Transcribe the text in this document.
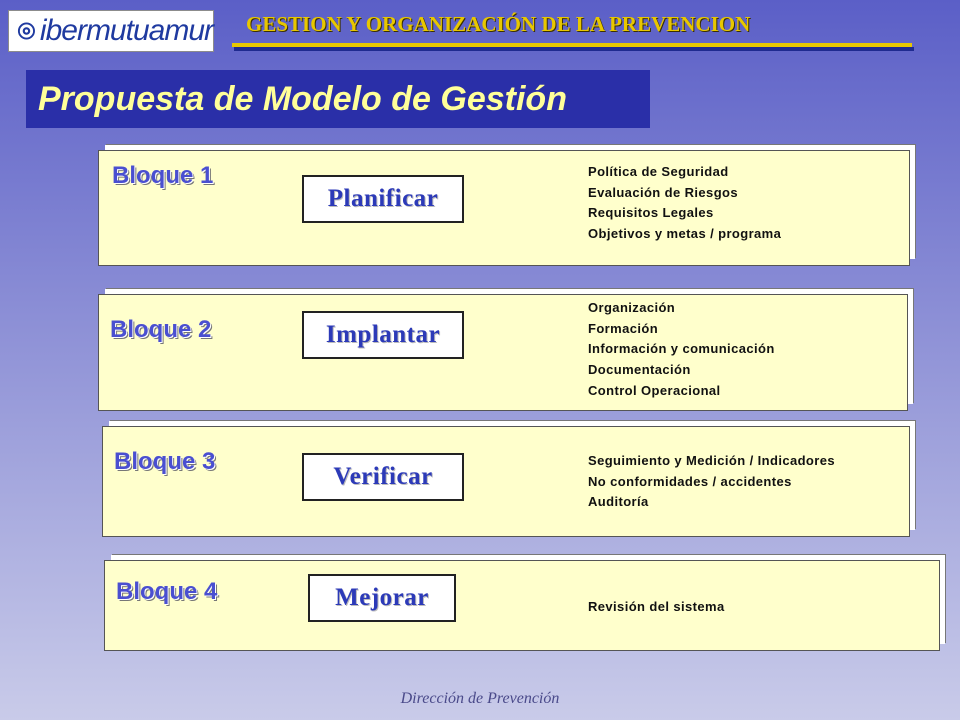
ibermutuamur GESTION Y ORGANIZACIÓN DE LA PREVENCION
Propuesta de Modelo de Gestión
Bloque 1
Planificar
Política de Seguridad
Evaluación de Riesgos
Requisitos Legales
Objetivos y metas / programa
Bloque 2	Implantar
Organización
Formación
Información y comunicación
Documentación
Control Operacional
Bloque 3
Verificar
Seguimiento y Medición / Indicadores
No conformidades / accidentes
Auditoría
Bloque 4	Mejorar	Revisión del sistema
Dirección de Prevención
